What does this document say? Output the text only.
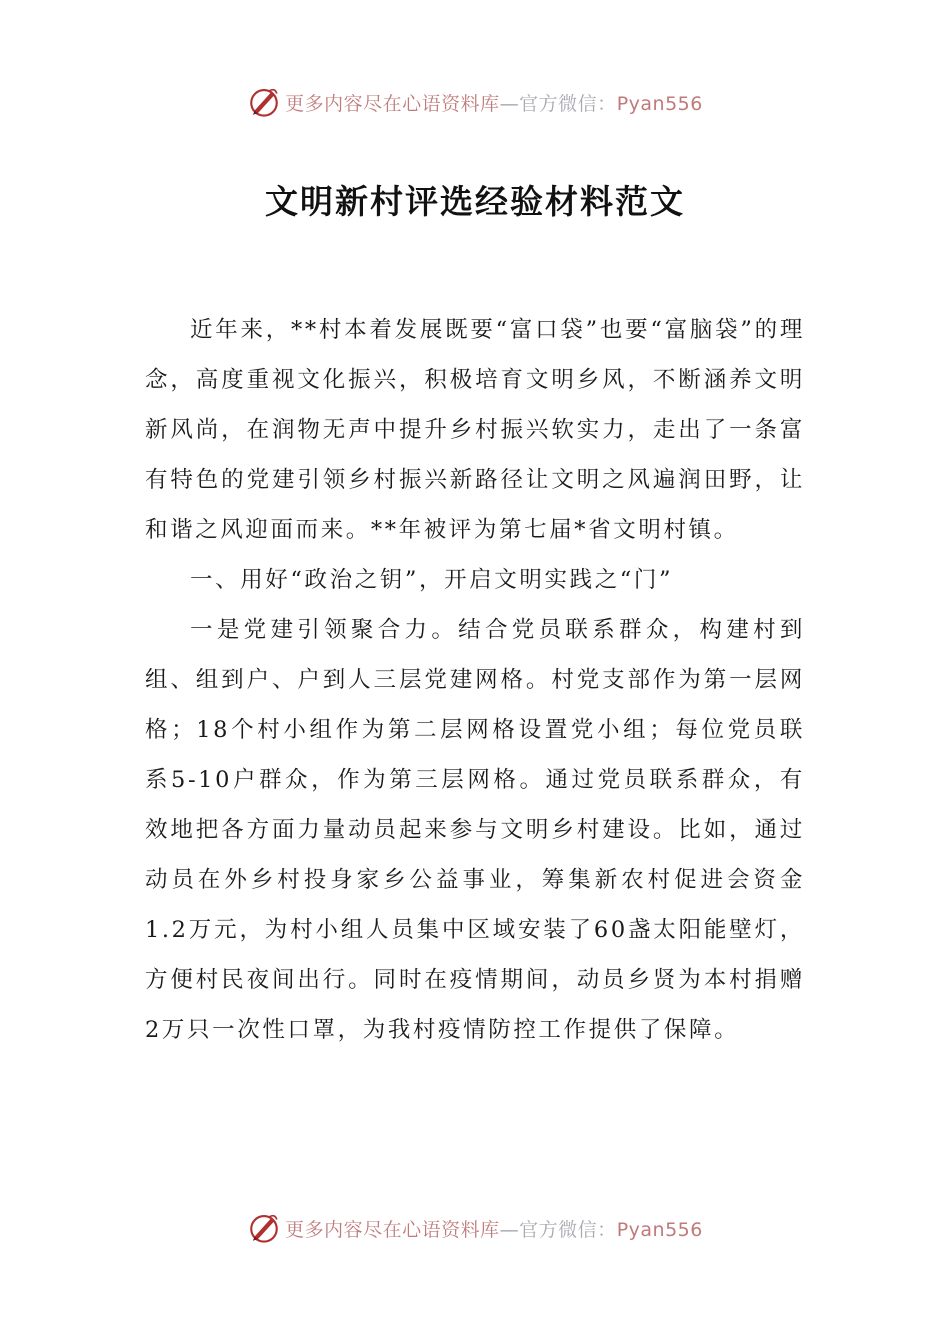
更多内容尽在心语资料库—官方微信：Pyan556
文明新村评选经验材料范文

近年来，**村本着发展既要“富口袋”也要“富脑袋”的理念，高度重视文化振兴，积极培育文明乡风，不断涵养文明新风尚，在润物无声中提升乡村振兴软实力，走出了一条富有特色的党建引领乡村振兴新路径让文明之风遍润田野，让和谐之风迎面而来。**年被评为第七届*省文明村镇。

一、用好“政治之钥”，开启文明实践之“门”

一是党建引领聚合力。结合党员联系群众，构建村到组、组到户、户到人三层党建网格。村党支部作为第一层网格；18个村小组作为第二层网格设置党小组；每位党员联系5-10户群众，作为第三层网格。通过党员联系群众，有效地把各方面力量动员起来参与文明乡村建设。比如，通过动员在外乡村投身家乡公益事业，筹集新农村促进会资金 1.2万元，为村小组人员集中区域安装了60盏太阳能壁灯，方便村民夜间出行。同时在疫情期间，动员乡贤为本村捐赠2万只一次性口罩，为我村疫情防控工作提供了保障。

更多内容尽在心语资料库—官方微信：Pyan556
